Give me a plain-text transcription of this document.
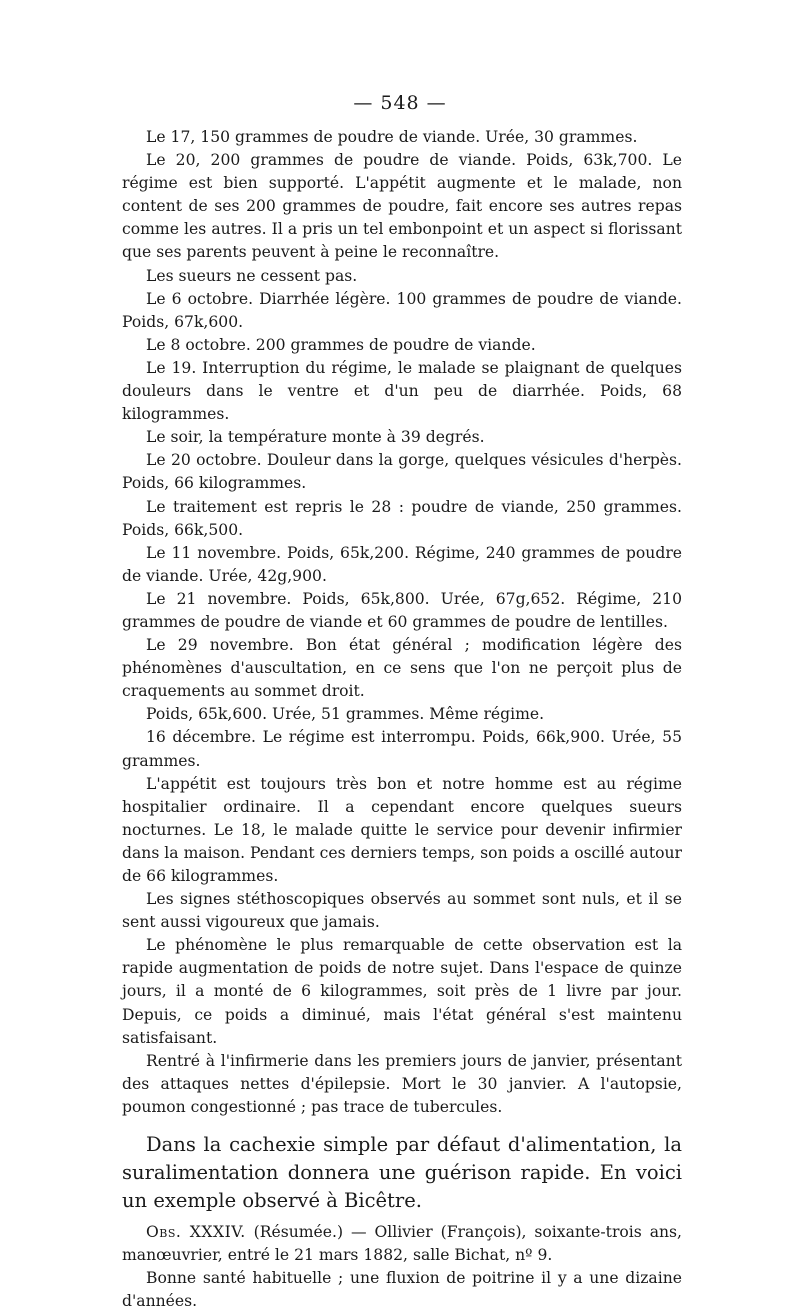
— 548 —

Le 17, 150 grammes de poudre de viande. Urée, 30 grammes.

Le 20, 200 grammes de poudre de viande. Poids, 63k,700. Le régime est bien supporté. L'appétit augmente et le malade, non content de ses 200 grammes de poudre, fait encore ses autres repas comme les autres. Il a pris un tel embonpoint et un aspect si florissant que ses parents peuvent à peine le reconnaître.

Les sueurs ne cessent pas.

Le 6 octobre. Diarrhée légère. 100 grammes de poudre de viande. Poids, 67k,600.

Le 8 octobre. 200 grammes de poudre de viande.

Le 19. Interruption du régime, le malade se plaignant de quelques douleurs dans le ventre et d'un peu de diarrhée. Poids, 68 kilogrammes.

Le soir, la température monte à 39 degrés.

Le 20 octobre. Douleur dans la gorge, quelques vésicules d'herpès. Poids, 66 kilogrammes.

Le traitement est repris le 28 : poudre de viande, 250 grammes. Poids, 66k,500.

Le 11 novembre. Poids, 65k,200. Régime, 240 grammes de poudre de viande. Urée, 42g,900.

Le 21 novembre. Poids, 65k,800. Urée, 67g,652. Régime, 210 grammes de poudre de viande et 60 grammes de poudre de lentilles.

Le 29 novembre. Bon état général ; modification légère des phénomènes d'auscultation, en ce sens que l'on ne perçoit plus de craquements au sommet droit.

Poids, 65k,600. Urée, 51 grammes. Même régime.

16 décembre. Le régime est interrompu. Poids, 66k,900. Urée, 55 grammes.

L'appétit est toujours très bon et notre homme est au régime hospitalier ordinaire. Il a cependant encore quelques sueurs nocturnes. Le 18, le malade quitte le service pour devenir infirmier dans la maison. Pendant ces derniers temps, son poids a oscillé autour de 66 kilogrammes.

Les signes stéthoscopiques observés au sommet sont nuls, et il se sent aussi vigoureux que jamais.

Le phénomène le plus remarquable de cette observation est la rapide augmentation de poids de notre sujet. Dans l'espace de quinze jours, il a monté de 6 kilogrammes, soit près de 1 livre par jour. Depuis, ce poids a diminué, mais l'état général s'est maintenu satisfaisant.

Rentré à l'infirmerie dans les premiers jours de janvier, présentant des attaques nettes d'épilepsie. Mort le 30 janvier. A l'autopsie, poumon congestionné ; pas trace de tubercules.

Dans la cachexie simple par défaut d'alimentation, la suralimentation donnera une guérison rapide. En voici un exemple observé à Bicêtre.

Obs. XXXIV. (Résumée.) — Ollivier (François), soixante-trois ans, manœuvrier, entré le 21 mars 1882, salle Bichat, nº 9.

Bonne santé habituelle ; une fluxion de poitrine il y a une dizaine d'années.
